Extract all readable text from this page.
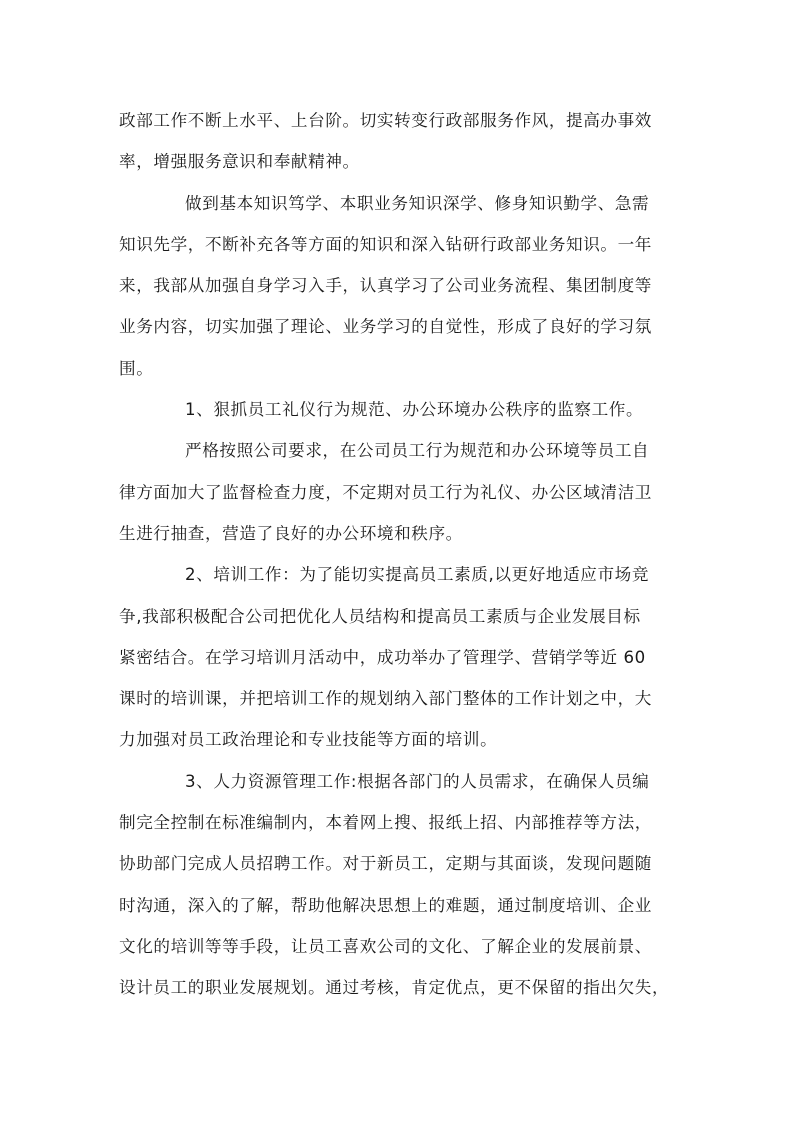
政部工作不断上水平、上台阶。切实转变行政部服务作风，提高办事效
率，增强服务意识和奉献精神。
做到基本知识笃学、本职业务知识深学、修身知识勤学、急需
知识先学，不断补充各等方面的知识和深入钻研行政部业务知识。一年
来，我部从加强自身学习入手，认真学习了公司业务流程、集团制度等
业务内容，切实加强了理论、业务学习的自觉性，形成了良好的学习氛
围。
1、狠抓员工礼仪行为规范、办公环境办公秩序的监察工作。
严格按照公司要求，在公司员工行为规范和办公环境等员工自
律方面加大了监督检查力度，不定期对员工行为礼仪、办公区域清洁卫
生进行抽查，营造了良好的办公环境和秩序。
2、培训工作：为了能切实提高员工素质,以更好地适应市场竞
争,我部积极配合公司把优化人员结构和提高员工素质与企业发展目标
紧密结合。在学习培训月活动中，成功举办了管理学、营销学等近 60
课时的培训课，并把培训工作的规划纳入部门整体的工作计划之中，大
力加强对员工政治理论和专业技能等方面的培训。
3、人力资源管理工作:根据各部门的人员需求，在确保人员编
制完全控制在标准编制内，本着网上搜、报纸上招、内部推荐等方法，
协助部门完成人员招聘工作。对于新员工，定期与其面谈，发现问题随
时沟通，深入的了解，帮助他解决思想上的难题，通过制度培训、企业
文化的培训等等手段，让员工喜欢公司的文化、了解企业的发展前景、
设计员工的职业发展规划。通过考核，肯定优点，更不保留的指出欠失，
